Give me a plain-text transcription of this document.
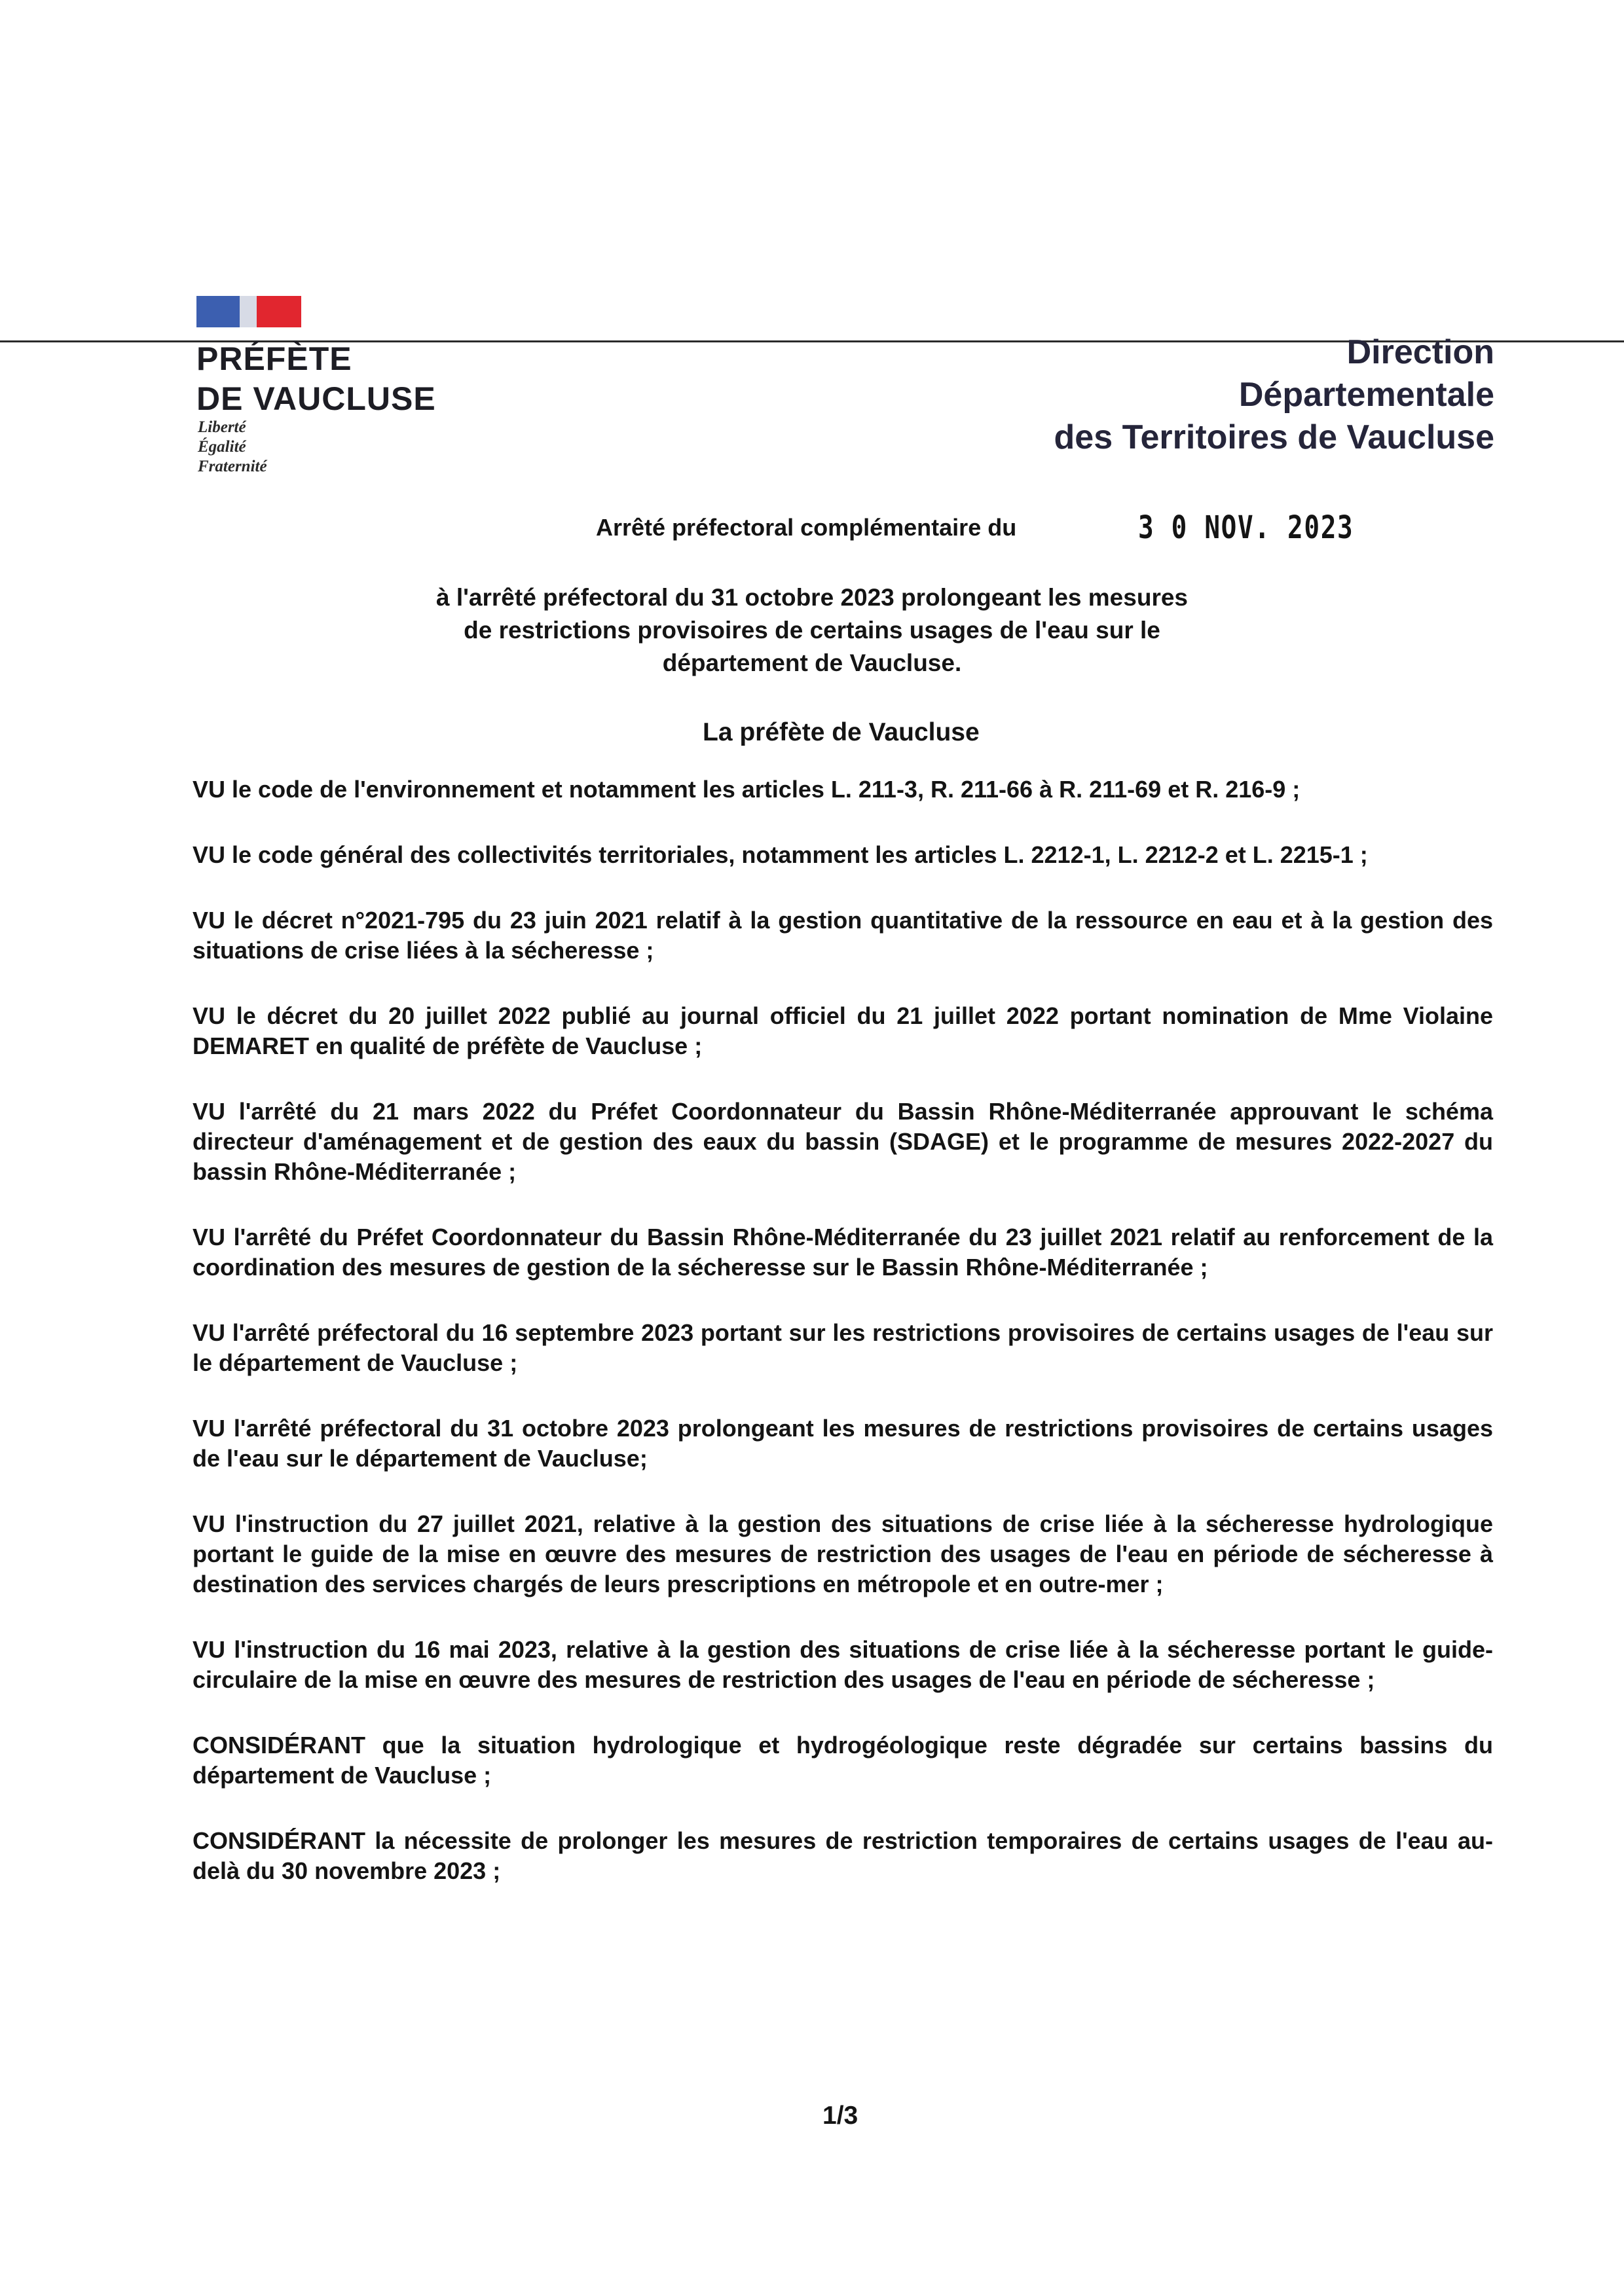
PRÉFÈTE
DE VAUCLUSE
Liberté
Égalité
Fraternité
Direction
Départementale
des Territoires de Vaucluse
Arrêté préfectoral complémentaire du	3 0 NOV. 2023
à l'arrêté préfectoral du 31 octobre 2023 prolongeant les mesures
de restrictions provisoires de certains usages de l'eau sur le
département de Vaucluse.
La préfète de Vaucluse

VU le code de l'environnement et notamment les articles L. 211-3, R. 211-66 à R. 211-69 et R. 216-9 ;

VU le code général des collectivités territoriales, notamment les articles L. 2212-1, L. 2212-2 et L. 2215-1 ;

VU le décret n°2021-795 du 23 juin 2021 relatif à la gestion quantitative de la ressource en eau et à la gestion des situations de crise liées à la sécheresse ;

VU le décret du 20 juillet 2022 publié au journal officiel du 21 juillet 2022 portant nomination de Mme Violaine DEMARET en qualité de préfète de Vaucluse ;

VU l'arrêté du 21 mars 2022 du Préfet Coordonnateur du Bassin Rhône-Méditerranée approuvant le schéma directeur d'aménagement et de gestion des eaux du bassin (SDAGE) et le programme de mesures 2022-2027 du bassin Rhône-Méditerranée ;

VU l'arrêté du Préfet Coordonnateur du Bassin Rhône-Méditerranée du 23 juillet 2021 relatif au renforcement de la coordination des mesures de gestion de la sécheresse sur le Bassin Rhône-Méditerranée ;

VU l'arrêté préfectoral du 16 septembre 2023 portant sur les restrictions provisoires de certains usages de l'eau sur le département de Vaucluse ;

VU l'arrêté préfectoral du 31 octobre 2023 prolongeant les mesures de restrictions provisoires de certains usages de l'eau sur le département de Vaucluse;

VU l'instruction du 27 juillet 2021, relative à la gestion des situations de crise liée à la sécheresse hydrologique portant le guide de la mise en œuvre des mesures de restriction des usages de l'eau en période de sécheresse à destination des services chargés de leurs prescriptions en métropole et en outre-mer ;

VU l'instruction du 16 mai 2023, relative à la gestion des situations de crise liée à la sécheresse portant le guide-circulaire de la mise en œuvre des mesures de restriction des usages de l'eau en période de sécheresse ;

CONSIDÉRANT que la situation hydrologique et hydrogéologique reste dégradée sur certains bassins du département de Vaucluse ;

CONSIDÉRANT la nécessite de prolonger les mesures de restriction temporaires de certains usages de l'eau au-delà du 30 novembre 2023 ;

1/3
